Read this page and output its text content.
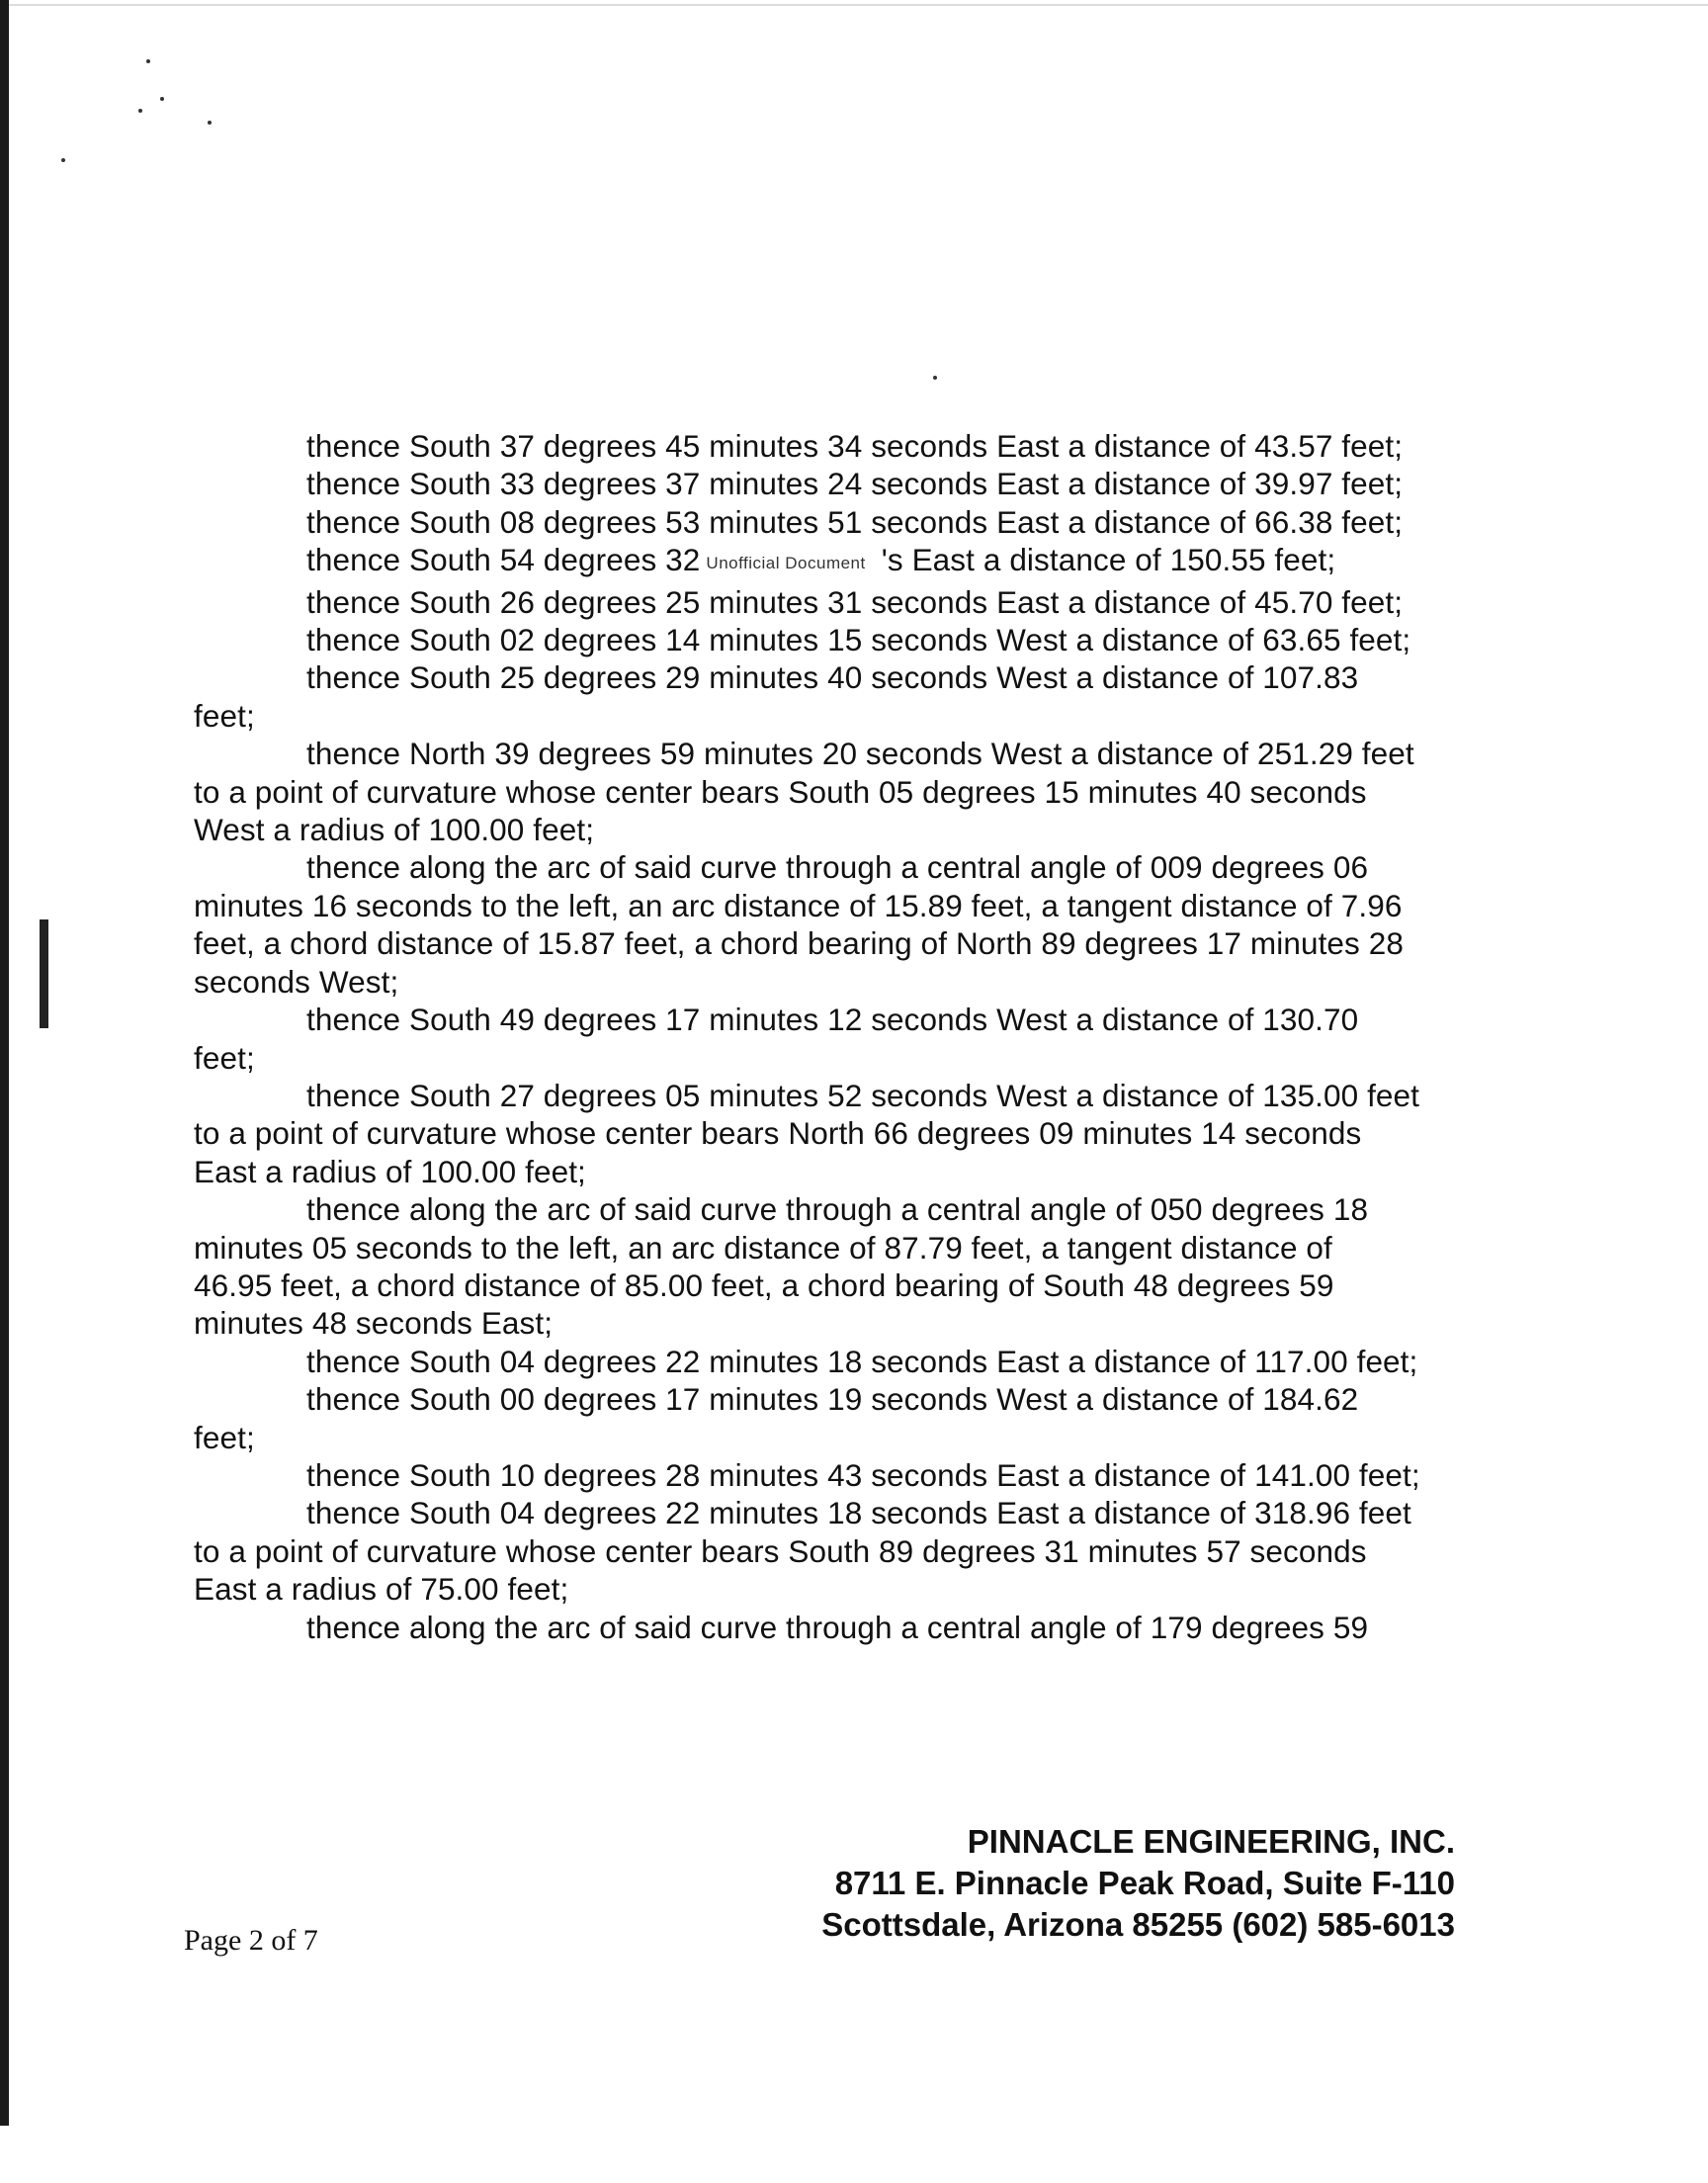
thence South 37 degrees 45 minutes 34 seconds East a distance of 43.57 feet;
thence South 33 degrees 37 minutes 24 seconds East a distance of 39.97 feet;
thence South 08 degrees 53 minutes 51 seconds East a distance of 66.38 feet;
thence South 54 degrees 32 Unofficial Document 's East a distance of 150.55 feet;
thence South 26 degrees 25 minutes 31 seconds East a distance of 45.70 feet;
thence South 02 degrees 14 minutes 15 seconds West a distance of 63.65 feet;
thence South 25 degrees 29 minutes 40 seconds West a distance of 107.83
feet;
thence North 39 degrees 59 minutes 20 seconds West a distance of 251.29 feet
to a point of curvature whose center bears South 05 degrees 15 minutes 40 seconds
West a radius of 100.00 feet;
thence along the arc of said curve through a central angle of 009 degrees 06
minutes 16 seconds to the left, an arc distance of 15.89 feet, a tangent distance of 7.96
feet, a chord distance of 15.87 feet, a chord bearing of North 89 degrees 17 minutes 28
seconds West;
thence South 49 degrees 17 minutes 12 seconds West a distance of 130.70
feet;
thence South 27 degrees 05 minutes 52 seconds West a distance of 135.00 feet
to a point of curvature whose center bears North 66 degrees 09 minutes 14 seconds
East a radius of 100.00 feet;
thence along the arc of said curve through a central angle of 050 degrees 18
minutes 05 seconds to the left, an arc distance of 87.79 feet, a tangent distance of
46.95 feet, a chord distance of 85.00 feet, a chord bearing of South 48 degrees 59
minutes 48 seconds East;
thence South 04 degrees 22 minutes 18 seconds East a distance of 117.00 feet;
thence South 00 degrees 17 minutes 19 seconds West a distance of 184.62
feet;
thence South 10 degrees 28 minutes 43 seconds East a distance of 141.00 feet;
thence South 04 degrees 22 minutes 18 seconds East a distance of 318.96 feet
to a point of curvature whose center bears South 89 degrees 31 minutes 57 seconds
East a radius of 75.00 feet;
thence along the arc of said curve through a central angle of 179 degrees 59
PINNACLE ENGINEERING, INC.
8711 E. Pinnacle Peak Road, Suite F-110
Scottsdale, Arizona 85255 (602) 585-6013
Page 2 of 7
